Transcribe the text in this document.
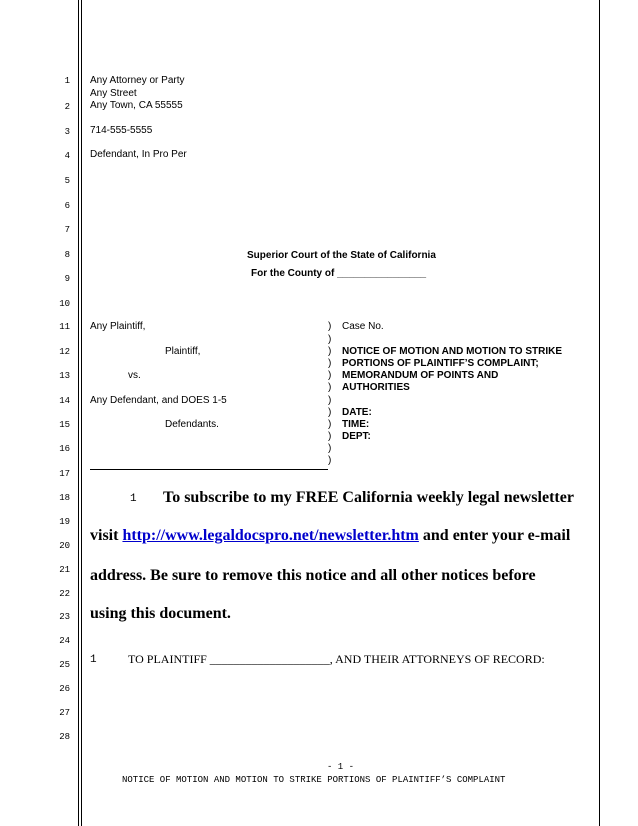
1
2
3
4
5
6
7
8
9
10
11
12
13
14
15
16
17
18
19
20
21
22
23
24
25
26
27
28
Any Attorney or Party
Any Street
Any Town, CA 55555
714-555-5555
Defendant, In Pro Per
Superior Court of the State of California
For the County of ________________
Any Plaintiff,
Plaintiff,
vs.
Any Defendant, and DOES 1-5
Defendants.
)
)
)
)
)
)
)
)
)
)
)
)
Case No.
NOTICE OF MOTION AND MOTION TO STRIKE
PORTIONS OF PLAINTIFF’S COMPLAINT;
MEMORANDUM OF POINTS AND
AUTHORITIES
DATE:
TIME:
DEPT:
1 To subscribe to my FREE California weekly legal newsletter
visit http://www.legaldocspro.net/newsletter.htm and enter your e-mail
address. Be sure to remove this notice and all other notices before
using this document.
1	TO PLAINTIFF ____________________, AND THEIR ATTORNEYS OF RECORD:
- 1 -
NOTICE OF MOTION AND MOTION TO STRIKE PORTIONS OF PLAINTIFF’S COMPLAINT
